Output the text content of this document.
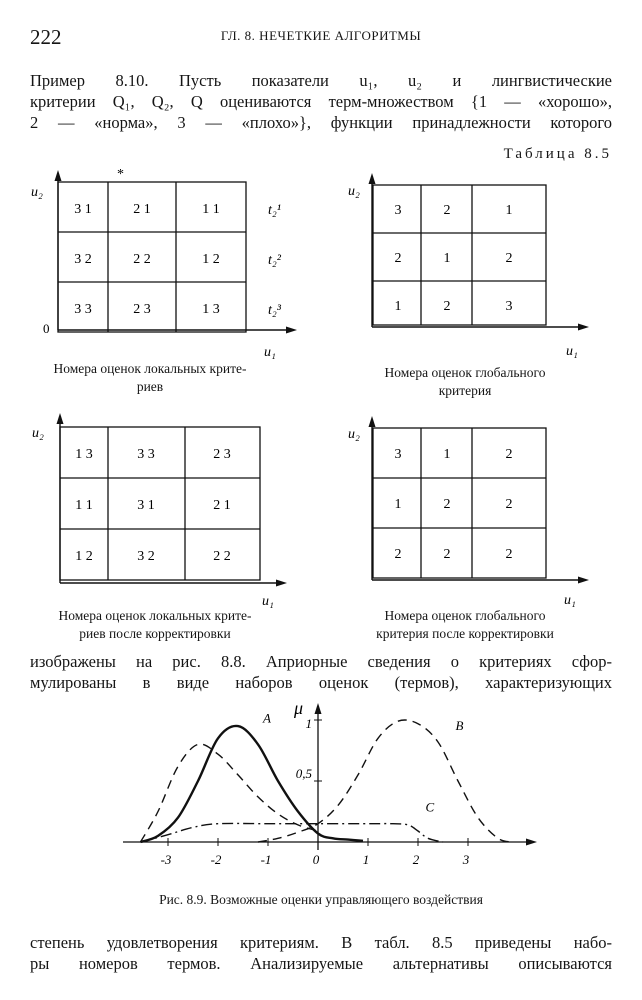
222	ГЛ. 8. НЕЧЕТКИЕ АЛГОРИТМЫ
Пример 8.10. Пусть показатели u₁, u₂ и лингвистические
критерии Q₁, Q₂, Q оцениваются терм-множеством {1 — «хорошо»,
2 — «норма», 3 — «плохо»}, функции принадлежности которого
Таблица 8.5
u₂
u₁
0
*
3 1	2 1	1 1
3 2	2 2	1 2
3 3	2 3	1 3
t₂¹
t₂²
t₂³
Номера оценок локальных крите-
риев
u₂
u₁
3	2	1
2	1	2
1	2	3
Номера оценок глобального
критерия
u₂
u₁
1 3	3 3	2 3
1 1	3 1	2 1
1 2	3 2	2 2
Номера оценок локальных крите-
риев после корректировки
u₂
u₁
3	1	2
1	2	2
2	2	2
Номера оценок глобального
критерия после корректировки
изображены на рис. 8.8. Априорные сведения о критериях сфор-
мулированы в виде наборов оценок (термов), характеризующих
-3	-2	-1	0	1	2	3
0,5
1
μ
A	B
C
Рис. 8.9. Возможные оценки управляющего воздействия
степень удовлетворения критериям. В табл. 8.5 приведены набо-
ры номеров термов. Анализируемые альтернативы описываются
